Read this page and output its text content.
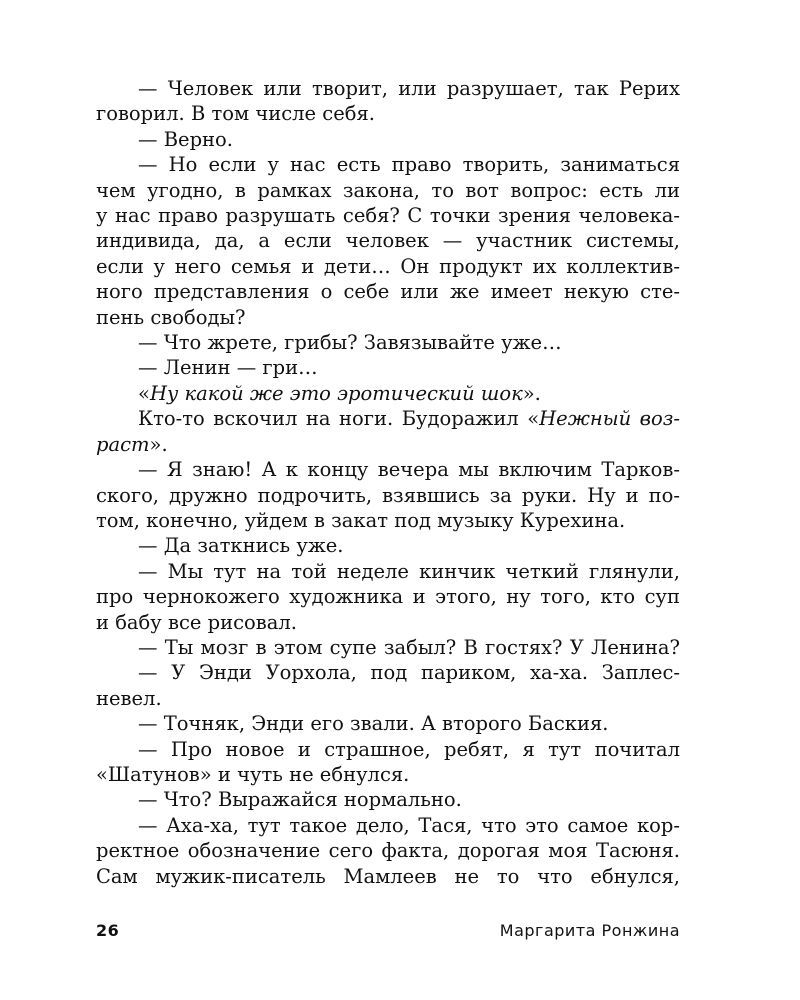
— Человек или творит, или разрушает, так Рерих
говорил. В том числе себя.
— Верно.
— Но если у нас есть право творить, заниматься
чем угодно, в рамках закона, то вот вопрос: есть ли
у нас право разрушать себя? С точки зрения человека-
индивида, да, а если человек — участник системы,
если у него семья и дети… Он продукт их коллектив-
ного представления о себе или же имеет некую сте-
пень свободы?
— Что жрете, грибы? Завязывайте уже…
— Ленин — гри…
«Ну какой же это эротический шок».
Кто-то вскочил на ноги. Будоражил «Нежный воз-
раст».
— Я знаю! А к концу вечера мы включим Тарков-
ского, дружно подрочить, взявшись за руки. Ну и по-
том, конечно, уйдем в закат под музыку Курехина.
— Да заткнись уже.
— Мы тут на той неделе кинчик четкий глянули,
про чернокожего художника и этого, ну того, кто суп
и бабу все рисовал.
— Ты мозг в этом супе забыл? В гостях? У Ленина?
— У Энди Уорхола, под париком, ха-ха. Заплес-
невел.
— Точняк, Энди его звали. А второго Баския.
— Про новое и страшное, ребят, я тут почитал
«Шатунов» и чуть не ебнулся.
— Что? Выражайся нормально.
— Аха-ха, тут такое дело, Тася, что это самое кор-
ректное обозначение сего факта, дорогая моя Тасюня.
Сам мужик-писатель Мамлеев не то что ебнулся,
26	Маргарита Ронжина
